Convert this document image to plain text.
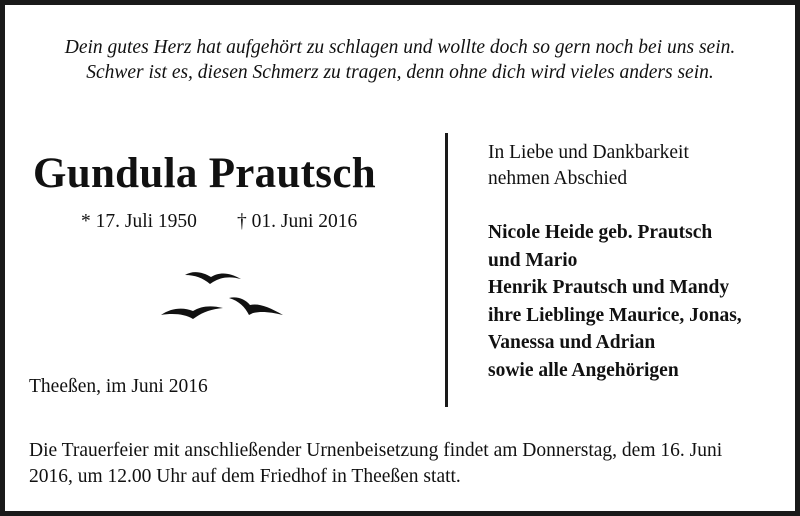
Dein gutes Herz hat aufgehört zu schlagen und wollte doch so gern noch bei uns sein.
Schwer ist es, diesen Schmerz zu tragen, denn ohne dich wird vieles anders sein.
Gundula Prautsch
* 17. Juli 1950 † 01. Juni 2016
Theeßen, im Juni 2016
In Liebe und Dankbarkeit
nehmen Abschied
Nicole Heide geb. Prautsch
und Mario
Henrik Prautsch und Mandy
ihre Lieblinge Maurice, Jonas,
Vanessa und Adrian
sowie alle Angehörigen
Die Trauerfeier mit anschließender Urnenbeisetzung findet am Donnerstag, dem 16. Juni
2016, um 12.00 Uhr auf dem Friedhof in Theeßen statt.
